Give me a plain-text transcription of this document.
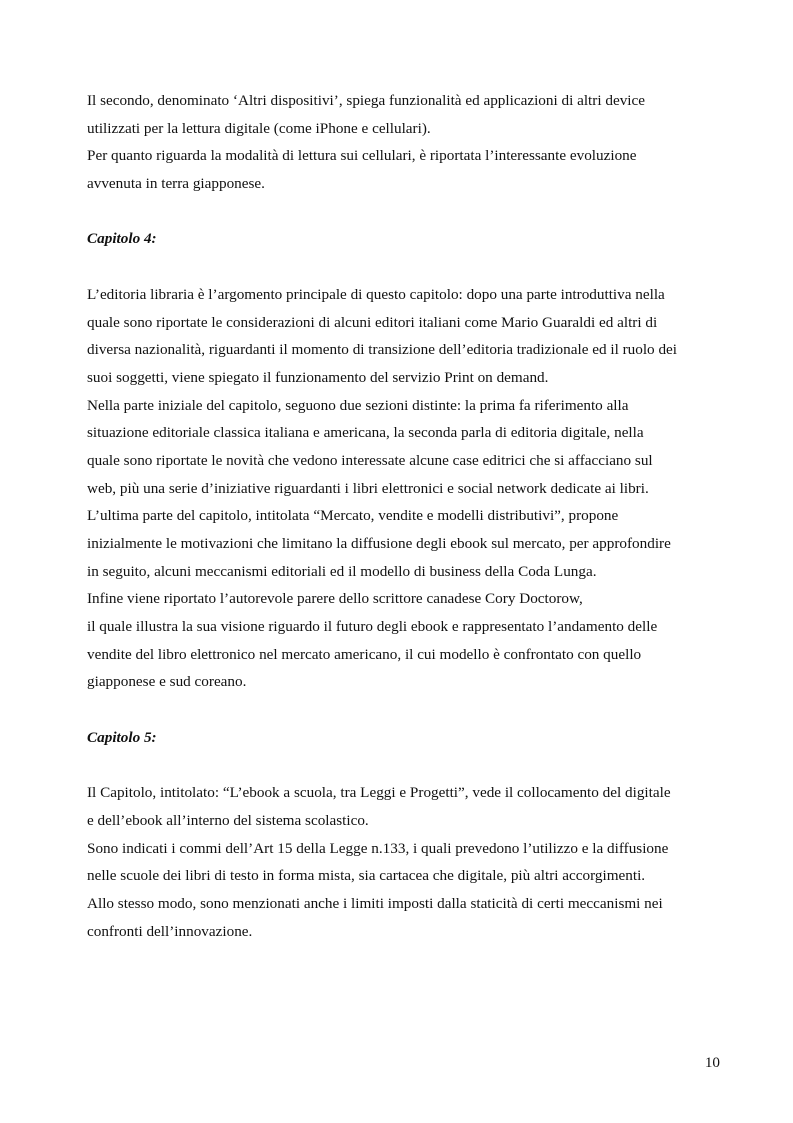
Il secondo, denominato ‘Altri dispositivi’, spiega funzionalità ed applicazioni di altri device
utilizzati per la lettura digitale (come iPhone e cellulari).
Per quanto riguarda la modalità di lettura sui cellulari, è riportata l’interessante evoluzione
avvenuta in terra giapponese.

Capitolo 4:

L’editoria libraria è l’argomento principale di questo capitolo: dopo una parte introduttiva nella
quale sono riportate le considerazioni di alcuni editori italiani come Mario Guaraldi ed altri di
diversa nazionalità, riguardanti il momento di transizione dell’editoria tradizionale ed il ruolo dei
suoi soggetti, viene spiegato il funzionamento del servizio Print on demand.
Nella parte iniziale del capitolo, seguono due sezioni distinte: la prima fa riferimento alla
situazione editoriale classica italiana e americana, la seconda parla di editoria digitale, nella
quale sono riportate le novità che vedono interessate alcune case editrici che si affacciano sul
web, più una serie d’iniziative riguardanti i libri elettronici e social network dedicate ai libri.
L’ultima parte del capitolo, intitolata “Mercato, vendite e modelli distributivi”, propone
inizialmente le motivazioni che limitano la diffusione degli ebook sul mercato, per approfondire
in seguito, alcuni meccanismi editoriali ed il modello di business della Coda Lunga.
Infine viene riportato l’autorevole parere dello scrittore canadese Cory Doctorow,
il quale illustra la sua visione riguardo il futuro degli ebook e rappresentato l’andamento delle
vendite del libro elettronico nel mercato americano, il cui modello è confrontato con quello
giapponese e sud coreano.

Capitolo 5:

Il Capitolo, intitolato: “L’ebook a scuola, tra Leggi e Progetti”, vede il collocamento del digitale
e dell’ebook all’interno del sistema scolastico.
Sono indicati i commi dell’Art 15 della Legge n.133, i quali prevedono l’utilizzo e la diffusione
nelle scuole dei libri di testo in forma mista, sia cartacea che digitale, più altri accorgimenti.
Allo stesso modo, sono menzionati anche i limiti imposti dalla staticità di certi meccanismi nei
confronti dell’innovazione.

10
